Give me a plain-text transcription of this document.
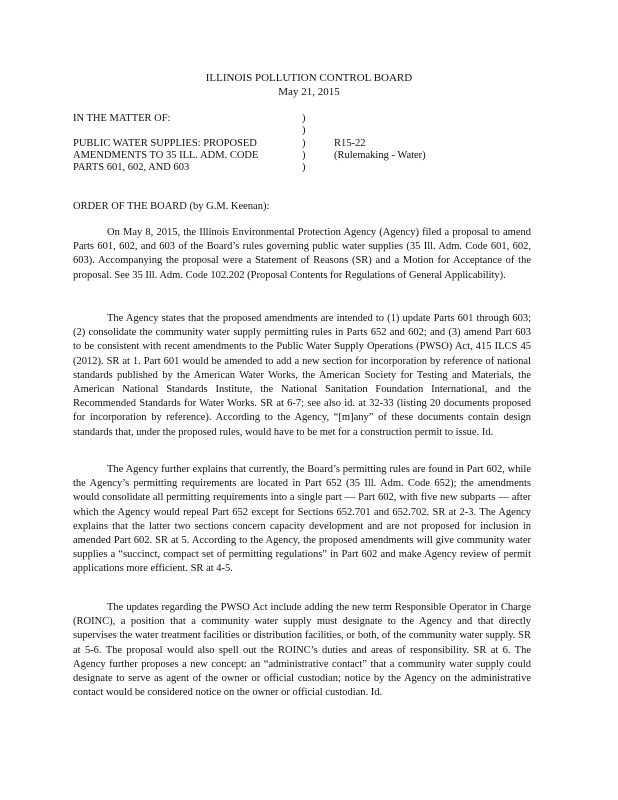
ILLINOIS POLLUTION CONTROL BOARD
May 21, 2015
IN THE MATTER OF:	)
)
PUBLIC WATER SUPPLIES: PROPOSED	)	R15-22
AMENDMENTS TO 35 ILL. ADM. CODE	)	(Rulemaking - Water)
PARTS 601, 602, AND 603	)
ORDER OF THE BOARD (by G.M. Keenan):

On May 8, 2015, the Illinois Environmental Protection Agency (Agency) filed a proposal to amend Parts 601, 602, and 603 of the Board’s rules governing public water supplies (35 Ill. Adm. Code 601, 602, 603). Accompanying the proposal were a Statement of Reasons (SR) and a Motion for Acceptance of the proposal. See 35 Ill. Adm. Code 102.202 (Proposal Contents for Regulations of General Applicability).

The Agency states that the proposed amendments are intended to (1) update Parts 601 through 603; (2) consolidate the community water supply permitting rules in Parts 652 and 602; and (3) amend Part 603 to be consistent with recent amendments to the Public Water Supply Operations (PWSO) Act, 415 ILCS 45 (2012). SR at 1. Part 601 would be amended to add a new section for incorporation by reference of national standards published by the American Water Works, the American Society for Testing and Materials, the American National Standards Institute, the National Sanitation Foundation International, and the Recommended Standards for Water Works. SR at 6-7; see also id. at 32-33 (listing 20 documents proposed for incorporation by reference). According to the Agency, “[m]any” of these documents contain design standards that, under the proposed rules, would have to be met for a construction permit to issue. Id.

The Agency further explains that currently, the Board’s permitting rules are found in Part 602, while the Agency’s permitting requirements are located in Part 652 (35 Ill. Adm. Code 652); the amendments would consolidate all permitting requirements into a single part — Part 602, with five new subparts — after which the Agency would repeal Part 652 except for Sections 652.701 and 652.702. SR at 2-3. The Agency explains that the latter two sections concern capacity development and are not proposed for inclusion in amended Part 602. SR at 5. According to the Agency, the proposed amendments will give community water supplies a “succinct, compact set of permitting regulations” in Part 602 and make Agency review of permit applications more efficient. SR at 4-5.

The updates regarding the PWSO Act include adding the new term Responsible Operator in Charge (ROINC), a position that a community water supply must designate to the Agency and that directly supervises the water treatment facilities or distribution facilities, or both, of the community water supply. SR at 5-6. The proposal would also spell out the ROINC’s duties and areas of responsibility. SR at 6. The Agency further proposes a new concept: an “administrative contact” that a community water supply could designate to serve as agent of the owner or official custodian; notice by the Agency on the administrative contact would be considered notice on the owner or official custodian. Id.
